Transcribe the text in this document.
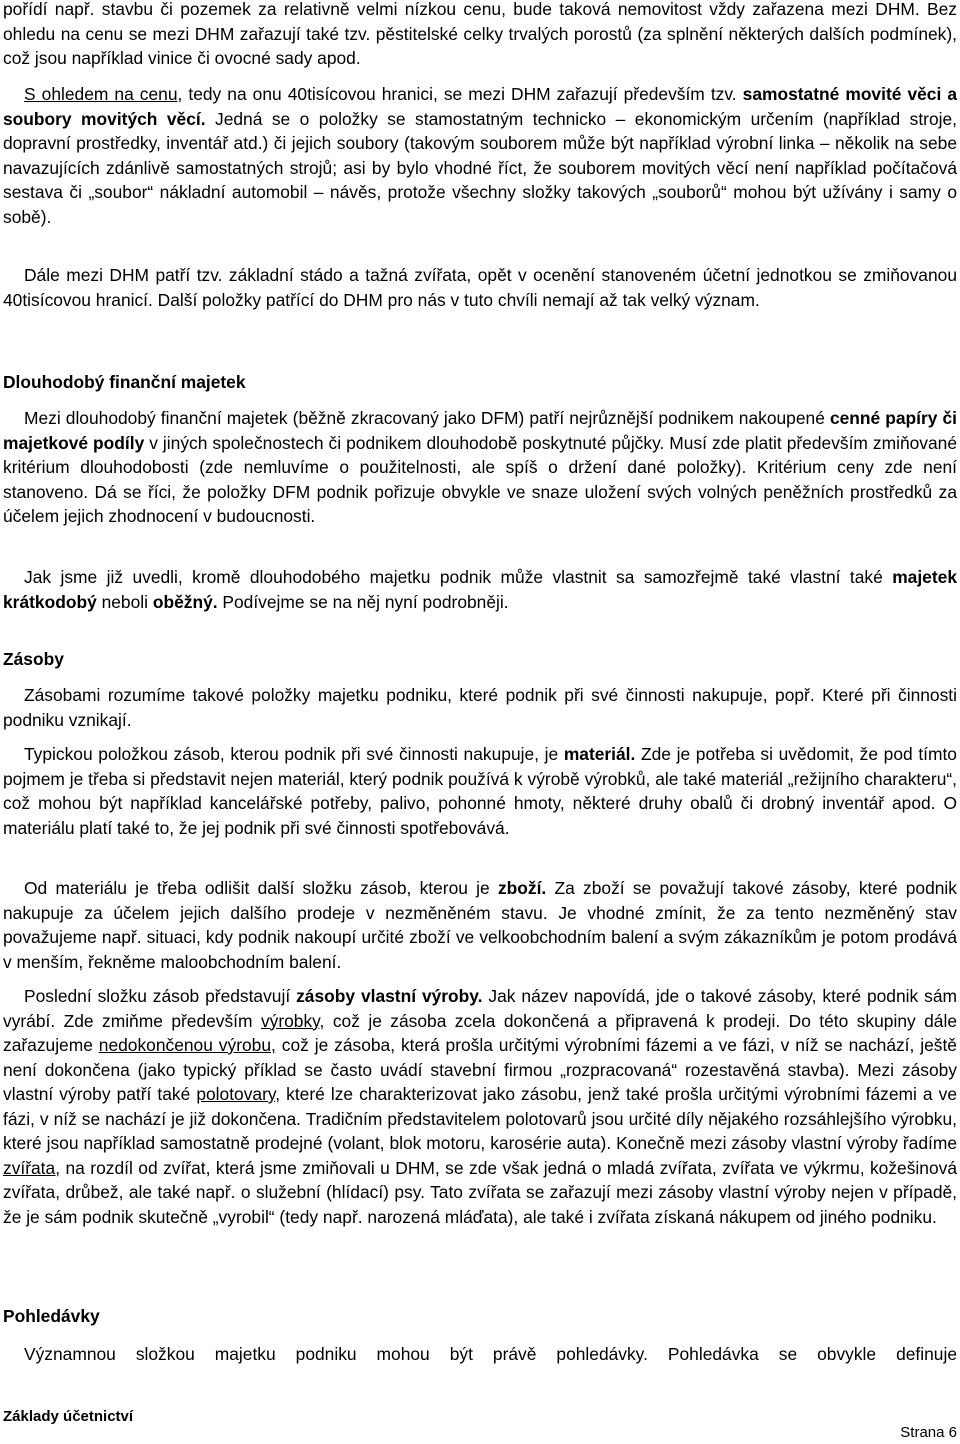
pořídí např. stavbu či pozemek za relativně velmi nízkou cenu, bude taková nemovitost vždy zařazena mezi DHM. Bez ohledu na cenu se mezi DHM zařazují také tzv. pěstitelské celky trvalých porostů (za splnění některých dalších podmínek), což jsou například vinice či ovocné sady apod.

S ohledem na cenu, tedy na onu 40tisícovou hranici, se mezi DHM zařazují především tzv. samostatné movité věci a soubory movitých věcí. Jedná se o položky se stamostatným technicko – ekonomickým určením (například stroje, dopravní prostředky, inventář atd.) či jejich soubory (takovým souborem může být například výrobní linka – několik na sebe navazujících zdánlivě samostatných strojů; asi by bylo vhodné říct, že souborem movitých věcí není například počítačová sestava či „soubor“ nákladní automobil – návěs, protože všechny složky takových „souborů“ mohou být užívány i samy o sobě).

Dále mezi DHM patří tzv. základní stádo a tažná zvířata, opět v ocenění stanoveném účetní jednotkou se zmiňovanou 40tisícovou hranicí. Další položky patřící do DHM pro nás v tuto chvíli nemají až tak velký význam.

Dlouhodobý finanční majetek

Mezi dlouhodobý finanční majetek (běžně zkracovaný jako DFM) patří nejrůznější podnikem nakoupené cenné papíry či majetkové podíly v jiných společnostech či podnikem dlouhodobě poskytnuté půjčky. Musí zde platit především zmiňované kritérium dlouhodobosti (zde nemluvíme o použitelnosti, ale spíš o držení dané položky). Kritérium ceny zde není stanoveno. Dá se říci, že položky DFM podnik pořizuje obvykle ve snaze uložení svých volných peněžních prostředků za účelem jejich zhodnocení v budoucnosti.

Jak jsme již uvedli, kromě dlouhodobého majetku podnik může vlastnit sa samozřejmě také vlastní také majetek krátkodobý neboli oběžný. Podívejme se na něj nyní podrobněji.

Zásoby

Zásobami rozumíme takové položky majetku podniku, které podnik při své činnosti nakupuje, popř. Které při činnosti podniku vznikají.

Typickou položkou zásob, kterou podnik při své činnosti nakupuje, je materiál. Zde je potřeba si uvědomit, že pod tímto pojmem je třeba si představit nejen materiál, který podnik používá k výrobě výrobků, ale také materiál „režijního charakteru“, což mohou být například kancelářské potřeby, palivo, pohonné hmoty, některé druhy obalů či drobný inventář apod. O materiálu platí také to, že jej podnik při své činnosti spotřebovává.

Od materiálu je třeba odlišit další složku zásob, kterou je zboží. Za zboží se považují takové zásoby, které podnik nakupuje za účelem jejich dalšího prodeje v nezměněném stavu. Je vhodné zmínit, že za tento nezměněný stav považujeme např. situaci, kdy podnik nakoupí určité zboží ve velkoobchodním balení a svým zákazníkům je potom prodává v menším, řekněme maloobchodním balení.

Poslední složku zásob představují zásoby vlastní výroby. Jak název napovídá, jde o takové zásoby, které podnik sám vyrábí. Zde zmiňme především výrobky, což je zásoba zcela dokončená a připravená k prodeji. Do této skupiny dále zařazujeme nedokončenou výrobu, což je zásoba, která prošla určitými výrobními fázemi a ve fázi, v níž se nachází, ještě není dokončena (jako typický příklad se často uvádí stavební firmou „rozpracovaná“ rozestavěná stavba). Mezi zásoby vlastní výroby patří také polotovary, které lze charakterizovat jako zásobu, jenž také prošla určitými výrobními fázemi a ve fázi, v níž se nachází je již dokončena. Tradičním představitelem polotovarů jsou určité díly nějakého rozsáhlejšího výrobku, které jsou například samostatně prodejné (volant, blok motoru, karosérie auta). Konečně mezi zásoby vlastní výroby řadíme zvířata, na rozdíl od zvířat, která jsme zmiňovali u DHM, se zde však jedná o mladá zvířata, zvířata ve výkrmu, kožešinová zvířata, drůbež, ale také např. o služební (hlídací) psy. Tato zvířata se zařazují mezi zásoby vlastní výroby nejen v případě, že je sám podnik skutečně „vyrobil“ (tedy např. narozená mláďata), ale také i zvířata získaná nákupem od jiného podniku.

Pohledávky

Významnou složkou majetku podniku mohou být právě pohledávky. Pohledávka se obvykle definuje

Základy účetnictví
Strana 6
